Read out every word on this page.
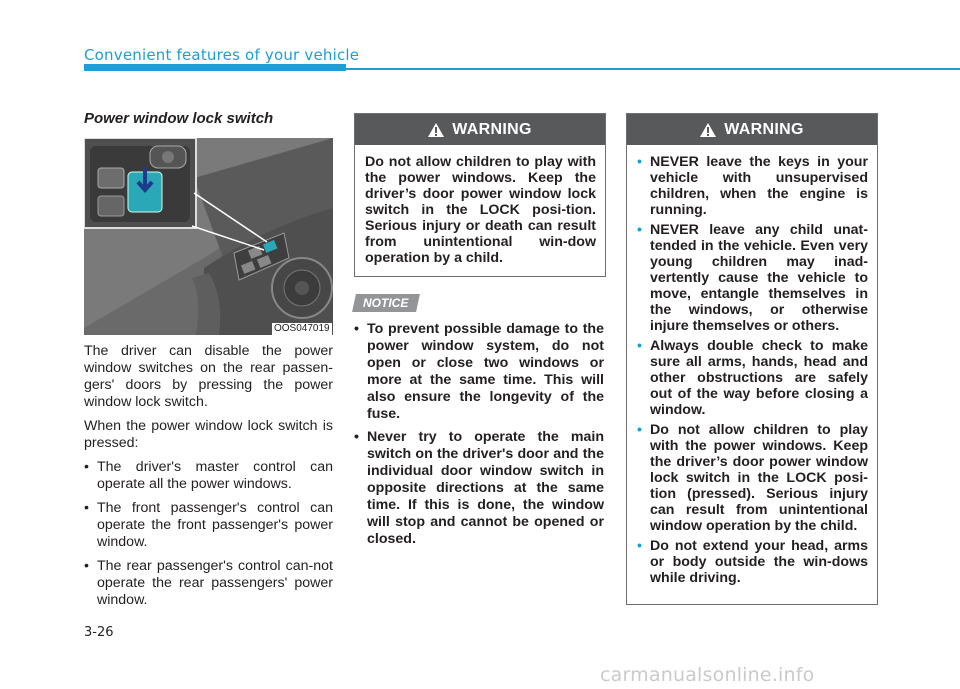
Convenient features of your vehicle
Power window lock switch
OOS047019

The driver can disable the power window switches on the rear passen-gers' doors by pressing the power window lock switch.

When the power window lock switch is pressed:

• The driver's master control can operate all the power windows.
• The front passenger's control can operate the front passenger's power window.
• The rear passenger's control can-not operate the rear passengers' power window.
WARNING

Do not allow children to play with the power windows. Keep the driver’s door power window lock switch in the LOCK posi-tion. Serious injury or death can result from unintentional win-dow operation by a child.

NOTICE
• To prevent possible damage to the power window system, do not open or close two windows or more at the same time. This will also ensure the longevity of the fuse.
• Never try to operate the main switch on the driver's door and the individual door window switch in opposite directions at the same time. If this is done, the window will stop and cannot be opened or closed.
WARNING
• NEVER leave the keys in your vehicle with unsupervised children, when the engine is running.
• NEVER leave any child unat-tended in the vehicle. Even very young children may inad-vertently cause the vehicle to move, entangle themselves in the windows, or otherwise injure themselves or others.
• Always double check to make sure all arms, hands, head and other obstructions are safely out of the way before closing a window.
• Do not allow children to play with the power windows. Keep the driver’s door power window lock switch in the LOCK posi-tion (pressed). Serious injury can result from unintentional window operation by the child.
• Do not extend your head, arms or body outside the win-dows while driving.
3-26
carmanualsonline.info
